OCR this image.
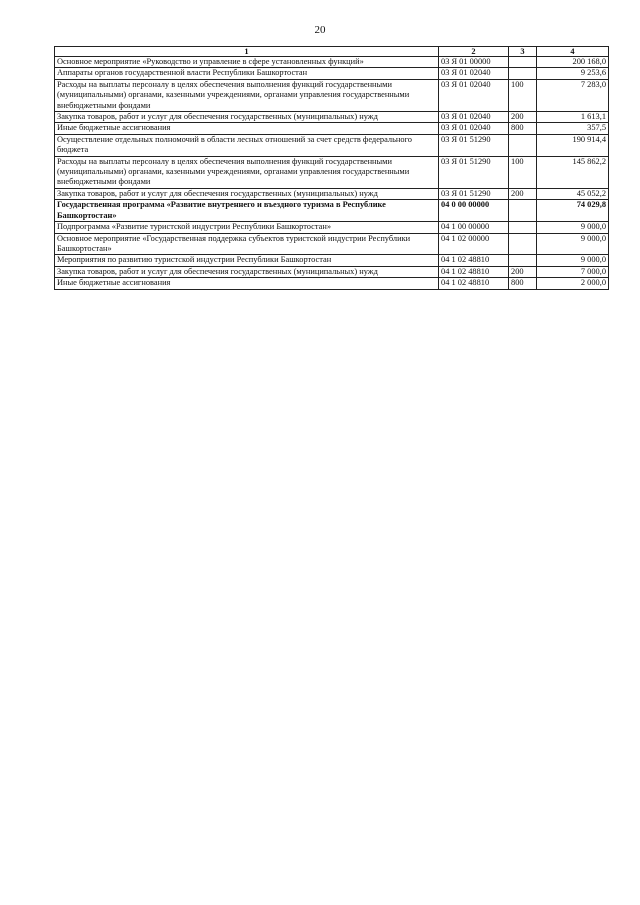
20
1	2	3	4
Основное мероприятие «Руководство и управление в сфере установленных функций»	03 Я 01 00000		200 168,0
Аппараты органов государственной власти Республики Башкортостан	03 Я 01 02040		9 253,6
Расходы на выплаты персоналу в целях обеспечения выполнения функций государственными (муниципальными) органами, казенными учреждениями, органами управления государственными внебюджетными фондами	03 Я 01 02040	100	7 283,0
Закупка товаров, работ и услуг для обеспечения государственных (муниципальных) нужд	03 Я 01 02040	200	1 613,1
Иные бюджетные ассигнования	03 Я 01 02040	800	357,5
Осуществление отдельных полномочий в области лесных отношений за счет средств федерального бюджета	03 Я 01 51290		190 914,4
Расходы на выплаты персоналу в целях обеспечения выполнения функций государственными (муниципальными) органами, казенными учреждениями, органами управления государственными внебюджетными фондами	03 Я 01 51290	100	145 862,2
Закупка товаров, работ и услуг для обеспечения государственных (муниципальных) нужд	03 Я 01 51290	200	45 052,2
Государственная программа «Развитие внутреннего и въездного туризма в Республике Башкортостан»	04 0 00 00000		74 029,8
Подпрограмма «Развитие туристской индустрии Республики Башкортостан»	04 1 00 00000		9 000,0
Основное мероприятие «Государственная поддержка субъектов туристской индустрии Республики Башкортостан»	04 1 02 00000		9 000,0
Мероприятия по развитию туристской индустрии Республики Башкортостан	04 1 02 48810		9 000,0
Закупка товаров, работ и услуг для обеспечения государственных (муниципальных) нужд	04 1 02 48810	200	7 000,0
Иные бюджетные ассигнования	04 1 02 48810	800	2 000,0
